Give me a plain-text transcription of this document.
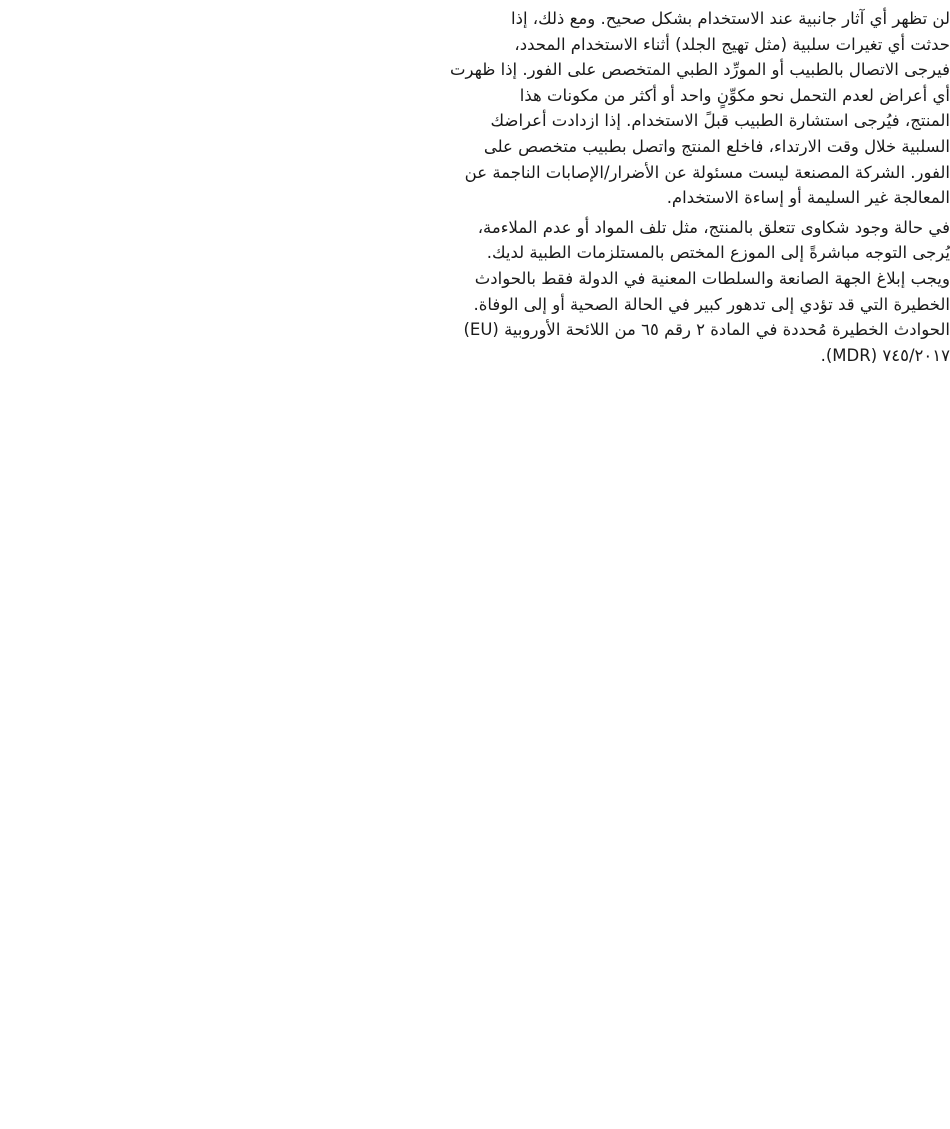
لن تظهر أي آثار جانبية عند الاستخدام بشكل صحيح. ومع ذلك، إذا
حدثت أي تغيرات سلبية (مثل تهيج الجلد) أثناء الاستخدام المحدد،
فيرجى الاتصال بالطبيب أو المورِّد الطبي المتخصص على الفور. إذا ظهرت
أي أعراض لعدم التحمل نحو مكوِّنٍ واحد أو أكثر من مكونات هذا
المنتج، فيُرجى استشارة الطبيب قبلً الاستخدام. إذا ازدادت أعراضك
السلبية خلال وقت الارتداء، فاخلع المنتج واتصل بطبيب متخصص على
الفور. الشركة المصنعة ليست مسئولة عن الأضرار/الإصابات الناجمة عن
المعالجة غير السليمة أو إساءة الاستخدام.

في حالة وجود شكاوى تتعلق بالمنتج، مثل تلف المواد أو عدم الملاءمة،
يُرجى التوجه مباشرةً إلى الموزع المختص بالمستلزمات الطبية لديك.
ويجب إبلاغ الجهة الصانعة والسلطات المعنية في الدولة فقط بالحوادث
الخطيرة التي قد تؤدي إلى تدهور كبير في الحالة الصحية أو إلى الوفاة.
الحوادث الخطيرة مُحددة في المادة ٢ رقم ٦٥ من اللائحة الأوروبية (EU)
٧٤٥/٢٠١٧ (MDR).
